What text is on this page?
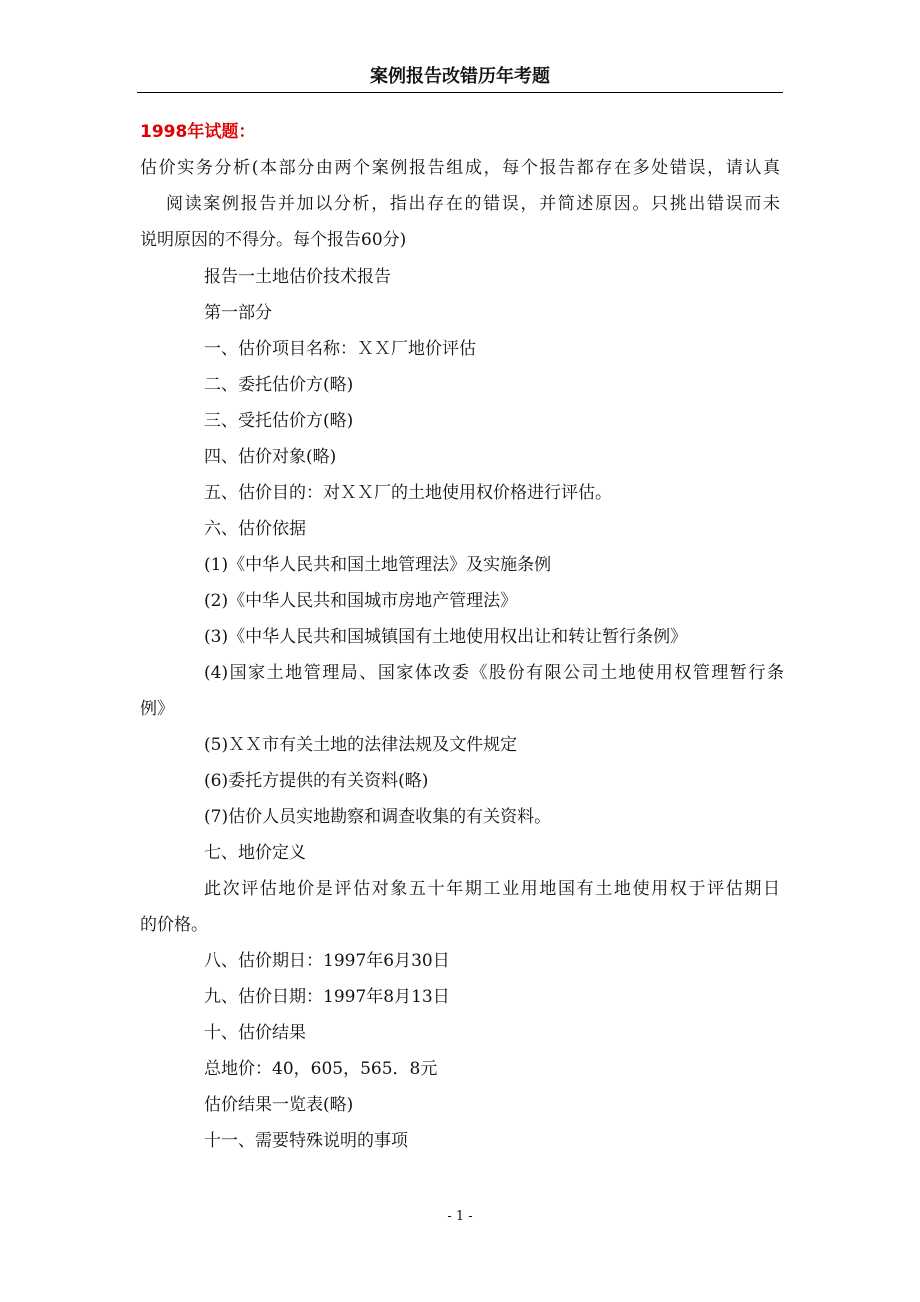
案例报告改错历年考题
1998年试题：
估价实务分析(本部分由两个案例报告组成，每个报告都存在多处错误，请认真
阅读案例报告并加以分析，指出存在的错误，并简述原因。只挑出错误而未
说明原因的不得分。每个报告60分)
报告一土地估价技术报告
第一部分
一、估价项目名称：ＸＸ厂地价评估
二、委托估价方(略)
三、受托估价方(略)
四、估价对象(略)
五、估价目的：对ＸＸ厂的土地使用权价格进行评估。
六、估价依据
(1)《中华人民共和国土地管理法》及实施条例
(2)《中华人民共和国城市房地产管理法》
(3)《中华人民共和国城镇国有土地使用权出让和转让暂行条例》
(4)国家土地管理局、国家体改委《股份有限公司土地使用权管理暂行条
例》
(5)ＸＸ市有关土地的法律法规及文件规定
(6)委托方提供的有关资料(略)
(7)估价人员实地勘察和调查收集的有关资料。
七、地价定义
此次评估地价是评估对象五十年期工业用地国有土地使用权于评估期日
的价格。
八、估价期日：1997年6月30日
九、估价日期：1997年8月13日
十、估价结果
总地价：40，605，565．8元
估价结果一览表(略)
十一、需要特殊说明的事项
- 1 -
